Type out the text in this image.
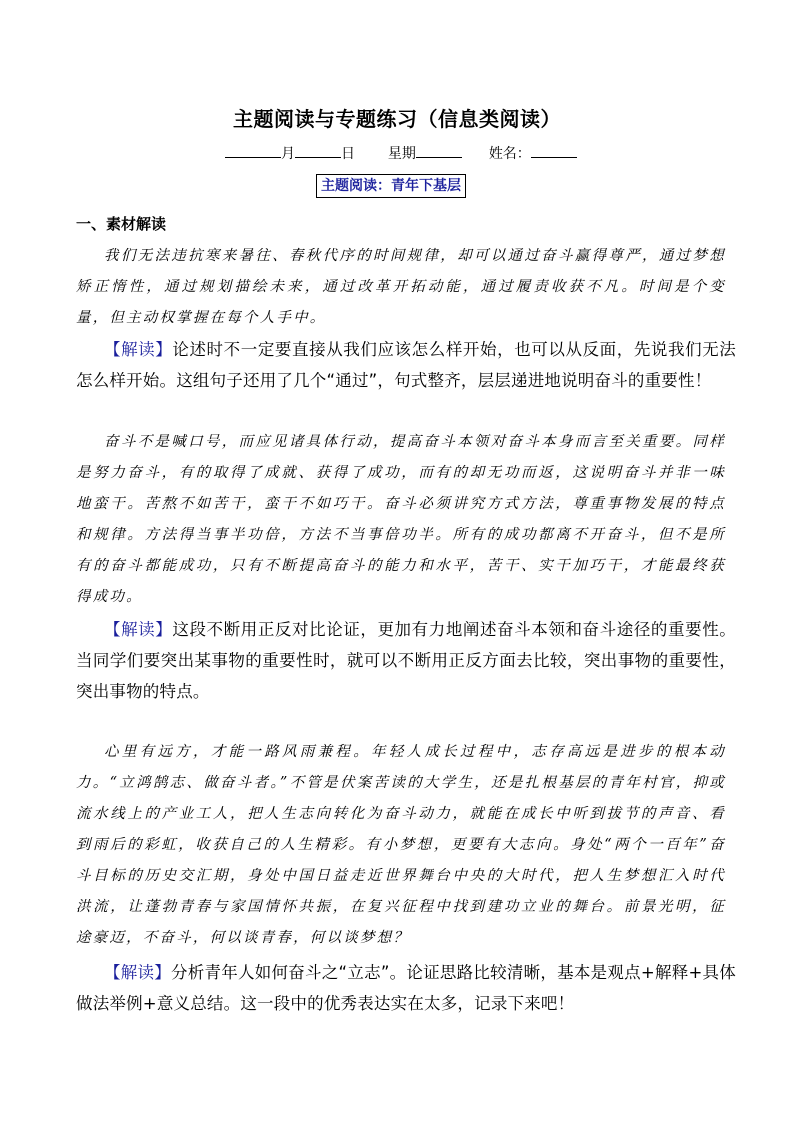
主题阅读与专题练习（信息类阅读）
月	日 星期	姓名：
主题阅读：青年下基层
一、素材解读
我们无法违抗寒来暑往、春秋代序的时间规律，却可以通过奋斗赢得尊严，通过梦想矫正惰性，通过规划描绘未来，通过改革开拓动能，通过履责收获不凡。时间是个变量，但主动权掌握在每个人手中。
【解读】论述时不一定要直接从我们应该怎么样开始，也可以从反面，先说我们无法怎么样开始。这组句子还用了几个“通过”，句式整齐，层层递进地说明奋斗的重要性！
奋斗不是喊口号，而应见诸具体行动，提高奋斗本领对奋斗本身而言至关重要。同样是努力奋斗，有的取得了成就、获得了成功，而有的却无功而返，这说明奋斗并非一味地蛮干。苦熬不如苦干，蛮干不如巧干。奋斗必须讲究方式方法，尊重事物发展的特点和规律。方法得当事半功倍，方法不当事倍功半。所有的成功都离不开奋斗，但不是所有的奋斗都能成功，只有不断提高奋斗的能力和水平，苦干、实干加巧干，才能最终获得成功。
【解读】这段不断用正反对比论证，更加有力地阐述奋斗本领和奋斗途径的重要性。当同学们要突出某事物的重要性时，就可以不断用正反方面去比较，突出事物的重要性，突出事物的特点。
心里有远方，才能一路风雨兼程。年轻人成长过程中，志存高远是进步的根本动力。“立鸿鹄志、做奋斗者。”不管是伏案苦读的大学生，还是扎根基层的青年村官，抑或流水线上的产业工人，把人生志向转化为奋斗动力，就能在成长中听到拔节的声音、看到雨后的彩虹，收获自己的人生精彩。有小梦想，更要有大志向。身处“两个一百年”奋斗目标的历史交汇期，身处中国日益走近世界舞台中央的大时代，把人生梦想汇入时代洪流，让蓬勃青春与家国情怀共振，在复兴征程中找到建功立业的舞台。前景光明，征途豪迈，不奋斗，何以谈青春，何以谈梦想？
【解读】分析青年人如何奋斗之“立志”。论证思路比较清晰，基本是观点+解释+具体做法举例+意义总结。这一段中的优秀表达实在太多，记录下来吧！
